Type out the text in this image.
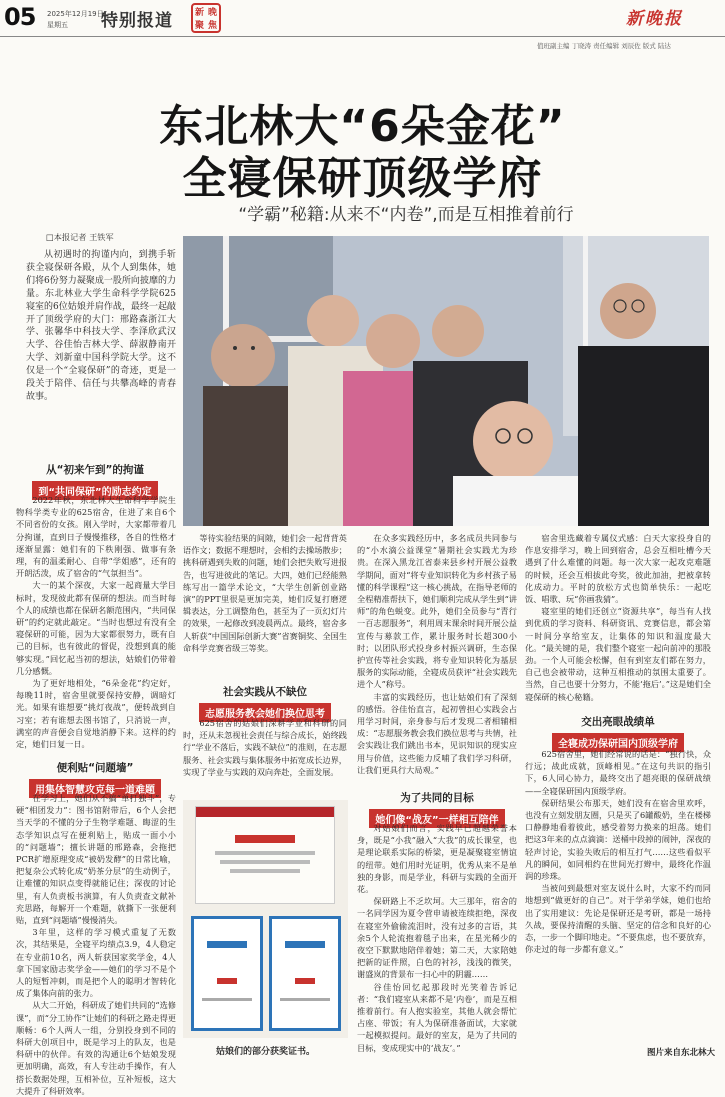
05 2025年12月19日
星期五 特别报道 新 晚
聚 焦	新晚报
值班副主编 丁晓涛 责任编辑 刘辰佐 版式 陆达
东北林大“6朵金花”
全寝保研顶级学府
“学霸”秘籍:从来不“内卷”,而是互相推着前行
□本报记者 王铁军
从初遇时的拘谨内向，到携手斩获全寝保研各殿，从个人到集体，她们将6份努力凝聚成一股所向披靡的力量。东北林业大学生命科学学院625寝室的6位姑娘并肩作战，最终一起敲开了顶级学府的大门：邢路森浙江大学、张馨华中科技大学、李泽欣武汉大学、谷佳怡吉林大学、薛淑静南开大学、刘新童中国科学院大学。这不仅是一个“全寝保研”的奇迹，更是一段关于陪伴、信任与共攀高峰的青春故事。
从“初来乍到”的拘谨
到“共同保研”的励志约定

2022年秋，东北林大生命科学学院生物科学类专业的625宿舍，住进了来自6个不同省份的女孩。刚入学时，大家都带着几分拘谨，直到日子慢慢推移，各自的性格才逐渐显露：她们有的下秩刚强、做事有条理，有的温柔耐心、自带“学姐感”，还有的开朗活泼，成了宿舍的“气氛担当”。

大一的某个深夜，大家一起商量大学目标时，发现彼此都有保研的想法。而当时每个人的成绩也都在保研名额范围内，“共同保研”的约定就此敲定。“当时也想过有没有全寝保研的可能，因为大家都很努力，既有自己的目标，也有彼此的督促，没想到真的能够实现。”回忆起当初的想法，姑娘们仍带着几分感慨。

为了更好地相处，“6朵金花”约定好，每晚11时，宿舍里就要保持安静，调暗灯光。如果有谁想要“挑灯夜战”，便转战到自习室；若有谁想去图书馆了，只消说一声，满室的声音便会自觉地消静下来。这样的约定，她们日复一日。

便利贴“问题墙”
用集体智慧攻克每一道难题

在学习上，她们从不搞“单打独斗”，专硬“相团发力”：图书馆附带后，6个人会把当天学的不懂的分子生物学难题、晦涩的生态学知识点写在便利贴上，贴成一面小小的“问题墙”；擅长讲题的邢路森，会拖把PCR扩增原理变成“被奶发酵”的日常比喻，把复杂公式转化成“奶茶分层”的生动例子，让难懂的知识点变得就能记住；深夜的讨论里，有人负责板书演算，有人负责查文献补充思路，每解开一个难题，就撕下一张便利贴，直到“问题墙”慢慢消失。

3年里，这样的学习模式重复了无数次，其结果是，全寝平均绩点3.9，4人稳定在专业前10名，两人斩获国家奖学金，4人拿下国家励志奖学金——她们的学习不是个人的短暂冲刺，而是把个人的聪明才智转化成了集体向前的张力。

从大二开始，科研成了她们共同的“选修课”，而“分工协作”让她们的科研之路走得更顺畅：6个人两人一组，分别投身到不同的科研大创项目中，既是学习上的队友，也是科研中的伙伴。有效的沟通让6个姑娘发现更加明确，高效，有人专注动手操作，有人搭长数据处理，互相补位，互补短板，这大大提升了科研效率。

等待实验结果的间隙，她们会一起背背英语作文；数据不理想时，会相约去操场散步；挑科研遇到失败的问题，她们会把失败写进报告，也写进彼此的笔记。大四，她们已经能熟练写出一篇学术论文，“大学生创新创业路演”的PPT里很是更加完美，她们反复打磨逻辑表达，分工调整角色，甚至为了一页幻灯片的效果，一起修改到凌晨两点。最终，宿舍多人斩获“中国国际创新大赛”省赛铜奖、全国生命科学竞赛省级三等奖。

社会实践从不缺位
志愿服务教会她们换位思考

625宿舍的姑娘们深耕学业和科研的同时，还从未忽视社会责任与综合成长，始终践行“学业不落后，实践不缺位”的准则，在志愿服务、社会实践与集体服务中拓宽成长边界，实现了学业与实践的双向奔赴，全面发展。

姑娘们的部分获奖证书。

在众多实践经历中，多名成员共同参与的“小水滴公益课堂”暑期社会实践尤为珍贵。在深入黑龙江省泰来县乡村开展公益教学期间，面对“将专业知识转化为乡村孩子易懂的科学课程”这一核心挑战，在指导老师的全程精准帮扶下，她们顺利完成从学生到“讲师”的角色蜕变。此外，她们全员参与“青行一百志愿服务”，利用周末课余时间开展公益宣传与募款工作，累计服务时长超300小时；以团队形式投身乡村振兴调研，生态保护宣传等社会实践，将专业知识转化为基层服务的实际动能，全寝成员获评“社会实践先进个人”称号。

丰富的实践经历，也让姑娘们有了深刻的感悟。谷佳怡直言，起初曾担心实践会占用学习时间，亲身参与后才发现二者相辅相成：“志愿服务教会我们换位思考与共情，社会实践让我们跳出书本，见识知识的现实应用与价值，这些能力反哺了我们学习科研，让我们更具行大局观。”

为了共同的目标
她们像“战友”一样相互陪伴

对姑娘们而言，实践早已超越荣誉本身，既是“小我”融入“大我”的成长课堂，也是理论联系实际的桥梁，更是凝聚寝室情谊的纽带。她们用时光证明，优秀从来不是单独的身影，而是学业，科研与实践的全面开花。

保研路上不乏坎坷。大三那年，宿舍的一名同学因为夏令营申请被连续拒绝，深夜在寝室外偷偷流泪时，没有过多的言语，其余5个人轮流抱着毯子出来，在星光稀少的夜空下默默地陪伴着她；第二天，大家陪她把新的证件照，白色的衬衫，浅浅的微笑，谢盛岚的背景布一扫心中的阴霾……

谷佳怡回忆起那段时光笑着告诉记者：“我们寝室从来都不是‘内卷’，而是互相推着前行。有人抱实验室，其他人就会帮忙占座、带饭；有人为保研准备面试，大家就一起模拟提问。最好的室友，是为了共同的目标，变成现实中的‘战友’。”

宿舍里选藏着专属仪式感：白天大家投身自的作息安排学习，晚上回到宿舍，总会互相吐槽今天遇到了什么难懂的问题。每一次大家一起攻克难题的时候，还会互相拔此夸奖，彼此加油，把被拿转化成动力。平时的放松方式也简单快乐：一起吃饭、唱歌、玩“你画我猜”。

寝室里的她们还创立“资源共享”，每当有人找到优质的学习资料、科研资讯、竞赛信息，都会第一时间分享给室友，让集体的知识和温度最大化。“最关键的是，我们整个寝室一起向前冲的那股劲。一个人可能会松懈，但有到室友们都在努力，自己也会被带动，这种互相推动的氛围太重要了。当然，自己也要十分努力，不能‘拖后’。”这是她们全寝保研的核心秘籍。

交出亮眼战绩单
全寝成功保研国内顶级学府

625宿舍里，她们经常说的话是：“独行快，众行远；战此成就，顶峰相见。”在这句共识的指引下，6人同心协力，最终交出了超亮眼的保研战绩——全寝保研国内顶级学府。

保研结果公布那天，她们没有在宿舍里欢呼，也没有立刻发朋友圈，只是买了6罐酸奶，坐在楼梯口静静地看着彼此，感受着努力换来的坦荡。她们把这3年来的点点滴滴：送桶中段掉的闹钟，深夜的轻声讨论，实验失败后的相互打气……这些看似平凡的瞬间，如同相约在世间光打辫中，最终化作温润的珍珠。

当被问到最想对室友说什么时，大家不约而同地想到“做更好的自己”。对于学弟学妹，她们也给出了实用建议：先论是保研还是考研，都是一场持久战，要保持清醒的头脑、坚定的信念和良好的心态，一步一个脚印地走。“不要焦虑，也不要放弃，你走过的每一步都有意义。”

图片来自东北林大
